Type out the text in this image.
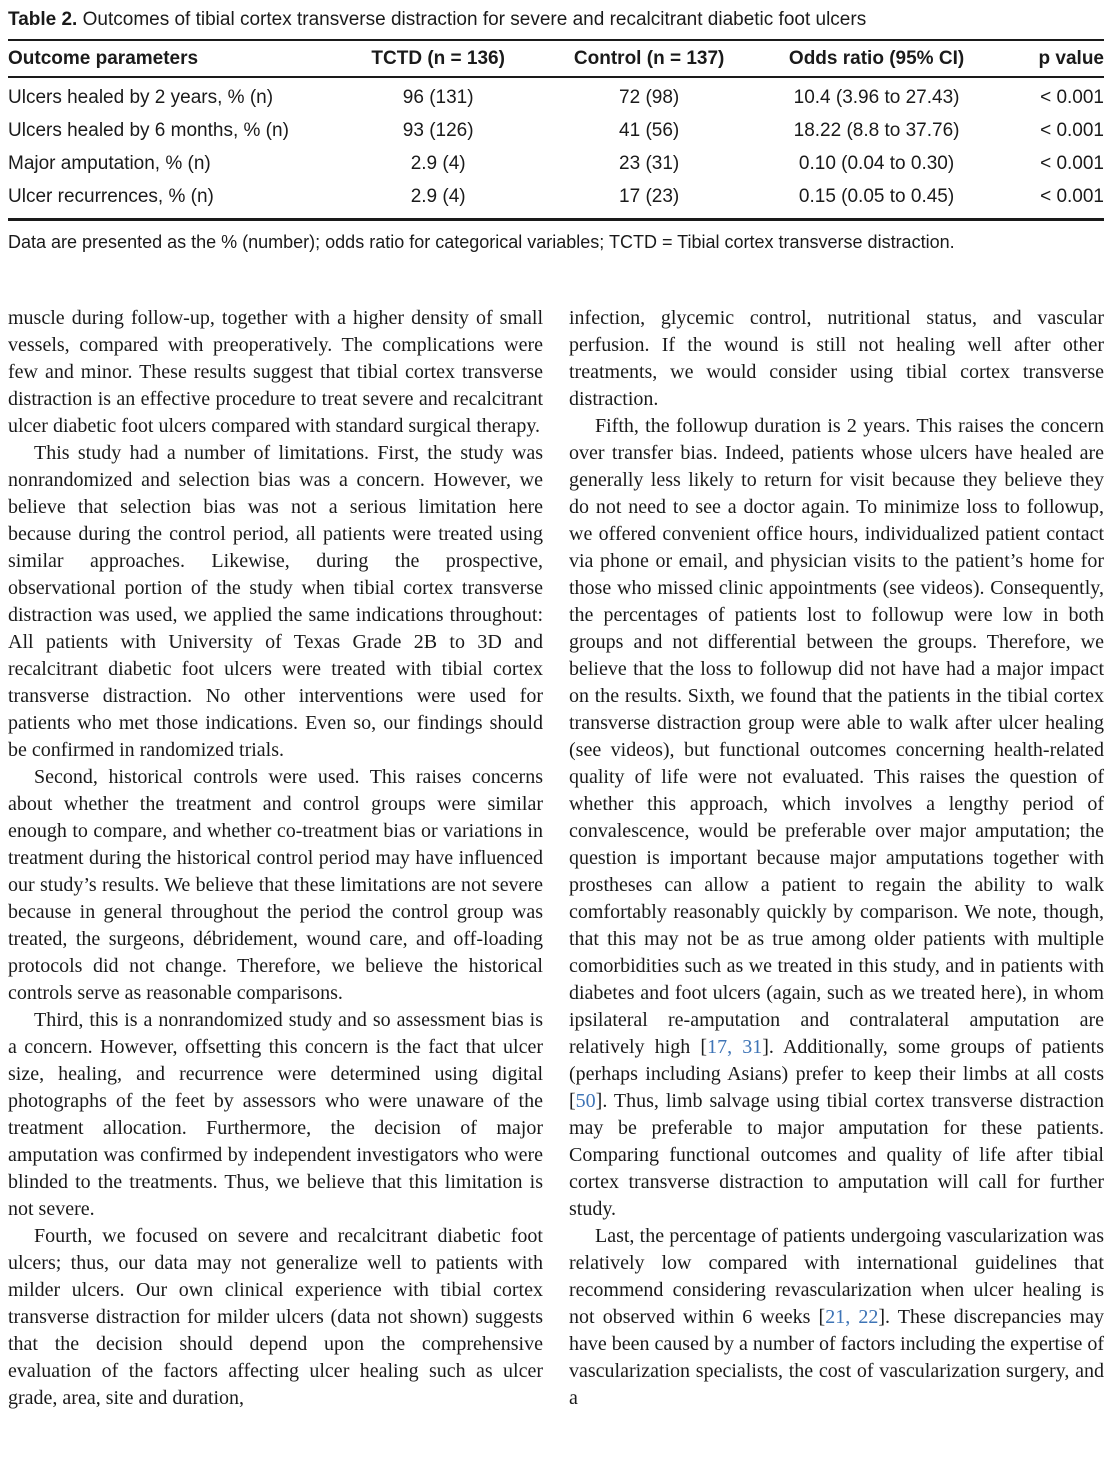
Table 2. Outcomes of tibial cortex transverse distraction for severe and recalcitrant diabetic foot ulcers

Outcome parameters	TCTD (n = 136)	Control (n = 137)	Odds ratio (95% CI)	p value
Ulcers healed by 2 years, % (n)	96 (131)	72 (98)	10.4 (3.96 to 27.43)	< 0.001
Ulcers healed by 6 months, % (n)	93 (126)	41 (56)	18.22 (8.8 to 37.76)	< 0.001
Major amputation, % (n)	2.9 (4)	23 (31)	0.10 (0.04 to 0.30)	< 0.001
Ulcer recurrences, % (n)	2.9 (4)	17 (23)	0.15 (0.05 to 0.45)	< 0.001

Data are presented as the % (number); odds ratio for categorical variables; TCTD = Tibial cortex transverse distraction.

muscle during follow-up, together with a higher density of small vessels, compared with preoperatively. The complications were few and minor. These results suggest that tibial cortex transverse distraction is an effective procedure to treat severe and recalcitrant ulcer diabetic foot ulcers compared with standard surgical therapy.

This study had a number of limitations. First, the study was nonrandomized and selection bias was a concern. However, we believe that selection bias was not a serious limitation here because during the control period, all patients were treated using similar approaches. Likewise, during the prospective, observational portion of the study when tibial cortex transverse distraction was used, we applied the same indications throughout: All patients with University of Texas Grade 2B to 3D and recalcitrant diabetic foot ulcers were treated with tibial cortex transverse distraction. No other interventions were used for patients who met those indications. Even so, our findings should be confirmed in randomized trials.

Second, historical controls were used. This raises concerns about whether the treatment and control groups were similar enough to compare, and whether co-treatment bias or variations in treatment during the historical control period may have influenced our study’s results. We believe that these limitations are not severe because in general throughout the period the control group was treated, the surgeons, débridement, wound care, and off-loading protocols did not change. Therefore, we believe the historical controls serve as reasonable comparisons.

Third, this is a nonrandomized study and so assessment bias is a concern. However, offsetting this concern is the fact that ulcer size, healing, and recurrence were determined using digital photographs of the feet by assessors who were unaware of the treatment allocation. Furthermore, the decision of major amputation was confirmed by independent investigators who were blinded to the treatments. Thus, we believe that this limitation is not severe.

Fourth, we focused on severe and recalcitrant diabetic foot ulcers; thus, our data may not generalize well to patients with milder ulcers. Our own clinical experience with tibial cortex transverse distraction for milder ulcers (data not shown) suggests that the decision should depend upon the comprehensive evaluation of the factors affecting ulcer healing such as ulcer grade, area, site and duration,

infection, glycemic control, nutritional status, and vascular perfusion. If the wound is still not healing well after other treatments, we would consider using tibial cortex transverse distraction.

Fifth, the followup duration is 2 years. This raises the concern over transfer bias. Indeed, patients whose ulcers have healed are generally less likely to return for visit because they believe they do not need to see a doctor again. To minimize loss to followup, we offered convenient office hours, individualized patient contact via phone or email, and physician visits to the patient’s home for those who missed clinic appointments (see videos). Consequently, the percentages of patients lost to followup were low in both groups and not differential between the groups. Therefore, we believe that the loss to followup did not have had a major impact on the results. Sixth, we found that the patients in the tibial cortex transverse distraction group were able to walk after ulcer healing (see videos), but functional outcomes concerning health-related quality of life were not evaluated. This raises the question of whether this approach, which involves a lengthy period of convalescence, would be preferable over major amputation; the question is important because major amputations together with prostheses can allow a patient to regain the ability to walk comfortably reasonably quickly by comparison. We note, though, that this may not be as true among older patients with multiple comorbidities such as we treated in this study, and in patients with diabetes and foot ulcers (again, such as we treated here), in whom ipsilateral re-amputation and contralateral amputation are relatively high [17, 31]. Additionally, some groups of patients (perhaps including Asians) prefer to keep their limbs at all costs [50]. Thus, limb salvage using tibial cortex transverse distraction may be preferable to major amputation for these patients. Comparing functional outcomes and quality of life after tibial cortex transverse distraction to amputation will call for further study.

Last, the percentage of patients undergoing vascularization was relatively low compared with international guidelines that recommend considering revascularization when ulcer healing is not observed within 6 weeks [21, 22]. These discrepancies may have been caused by a number of factors including the expertise of vascularization specialists, the cost of vascularization surgery, and a
